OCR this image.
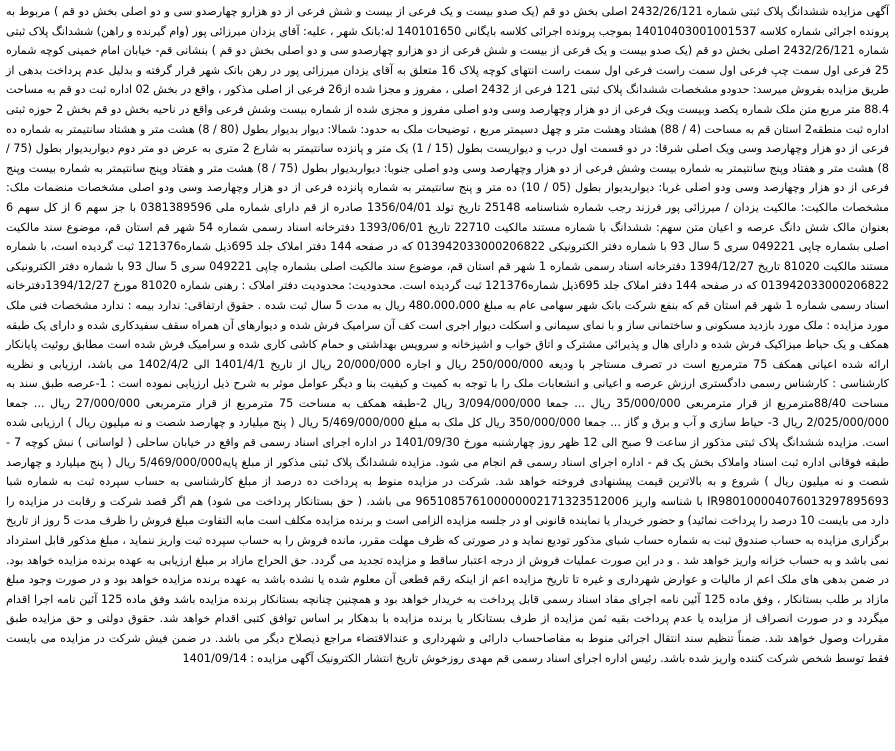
آگهی مزایده ششدانگ پلاک ثبتی شماره 2432/26/121 اصلی بخش دو قم (یک صدو بیست و یک فرعی از بیست و شش فرعی از دو هزارو چهارصدو سی و دو اصلی بخش دو قم ) مربوط به پرونده اجرائی شماره کلاسه 14010403001001537 بموجب پرونده اجرائی کلاسه بایگانی 140101650 له:بانک شهر ، علیه: آقای یزدان میرزائی پور (وام گیرنده و راهن) ششدانگ پلاک ثبتی شماره 2432/26/121 اصلی بخش دو قم (یک صدو بیست و یک فرعی از بیست و شش فرعی از دو هزارو چهارصدو سی و دو اصلی بخش دو قم ) بنشانی قم- خیابان امام خمینی کوچه شماره 25 فرعی اول سمت چپ فرعی اول سمت راست فرعی اول سمت راست انتهای کوچه پلاک 16 متعلق به آقای یزدان میرزائی پور در رهن بانک شهر قرار گرفته و بدلیل عدم پرداخت بدهی از طریق مزایده بفروش میرسد: حدودو مشخصات ششدانگ پلاک ثبتی 121 فرعی از 2432 اصلی ، مفروز و مجزا شده از26 فرعی از اصلی مذکور ، واقع در بخش 02 اداره ثبت دو قم به مساحت 88.4 متر مربع متن ملک شماره یکصد وبیست ویک فرعی از دو هزار وچهارصد وسی ودو اصلی مفروز و مجزی شده از شماره بیست وشش فرعی واقع در ناحیه بخش دو قم بخش 2 حوزه ثبتی اداره ثبت منطقه2 استان قم به مساحت (4 / 88) هشتاد وهشت متر و چهل دسیمتر مربع ، توضیحات ملک به حدود: شمالا: دیوار بدیوار بطول (80 / 8) هشت متر و هشتاد سانتیمتر به شماره ده فرعی از دو هزار وچهارصد وسی ویک اصلی شرقا: در دو قسمت اول درب و دیواریست بطول (15 / 1) یک متر و پانزده سانتیمتر به شارع 2 متری به عرض دو متر دوم دیواربدیوار بطول (75 / 8) هشت متر و هفتاد وپنج سانتیمتر به شماره بیست وشش فرعی از دو هزار وچهارصد وسی ودو اصلی جنوبا: دیواربدیوار بطول (75 / 8) هشت متر و هفتاد وپنج سانتیمتر به شماره بیست وپنج فرعی از دو هزار وچهارصد وسی ودو اصلی غربا: دیواربدیوار بطول (05 / 10) ده متر و پنج سانتیمتر به شماره پانزده فرعی از دو هزار وچهارصد وسی ودو اصلی مشخصات منضمات ملک: مشخصات مالکیت: مالکیت یزدان / میرزائی پور فرزند رجب شماره شناسنامه 25148 تاریخ تولد 1356/04/01 صادره از قم دارای شماره ملی 0381389596 با جز سهم 6 از کل سهم 6 بعنوان مالک شش دانگ عرصه و اعیان متن سهم: ششدانگ با شماره مستند مالکیت 22710 تاریخ 1393/06/01 دفترخانه اسناد رسمی شماره 54 شهر قم استان قم، موضوع سند مالکیت اصلی بشماره چاپی 049221 سری 5 سال 93 با شماره دفتر الکترونیکی 013942033000206822 که در صفحه 144 دفتر املاک جلد 695ذیل شماره121376 ثبت گردیده است، با شماره مستند مالکیت 81020 تاریخ 1394/12/27 دفترخانه اسناد رسمی شماره 1 شهر قم استان قم، موضوع سند مالکیت اصلی بشماره چاپی 049221 سری 5 سال 93 با شماره دفتر الکترونیکی 013942033000206822 که در صفحه 144 دفتر املاک جلد 695ذیل شماره121376 ثبت گردیده است. محدودیت: محدودیت دفتر املاک : رهنی شماره 81020 مورخ 1394/12/27دفترخانه اسناد رسمی شماره 1 شهر قم استان قم که بنفع شرکت بانک شهر سهامی عام به مبلغ 480،000،000 ریال به مدت 5 سال ثبت شده . حقوق ارتفاقی: ندارد بیمه : ندارد مشخصات فنی ملک مورد مزایده : ملک مورد بازدید مسکونی و ساختمانی ساز و با نمای سیمانی و اسکلت دیوار اجری است کف آن سرامیک فرش شده و دیوارهای آن همراه سقف سفیدکاری شده و دارای یک طبقه همکف و یک حیاط میزاکیک فرش شده و دارای هال و پذیرائی مشترک و اتاق خواب و اشپزخانه و سرویس بهداشتی و حمام کاشی کاری شده و سرامیک فرش شده است مطابق روئیت پایانکار ارائه شده اعیانی همکف 75 مترمربع است در تصرف مستاجر با ودیعه 250/000/000 ریال و اجاره 20/000/000 ریال از تاریخ 1401/4/1 الی 1402/4/2 می باشد، ارزیابی و نظریه کارشناسی : کارشناس رسمی دادگستری ارزش عرصه و اعیانی و انشعابات ملک را با توجه به کمیت و کیفیت بنا و دیگر عوامل موثر به شرح ذیل ارزیابی نموده است : 1-عرصه طبق سند به مساحت 88/40مترمربع از قرار مترمربعی 35/000/000 ریال ... جمعا 3/094/000/000 ریال 2-طبقه همکف به مساحت 75 مترمربع از قرار مترمربعی 27/000/000 ریال ... جمعا 2/025/000/000 ریال 3- حیاط سازی و آب و برق و گاز ... جمعا 350/000/000 ریال کل ملک به مبلغ 5/469/000/000 ریال ( پنج میلیارد و چهارصد شصت و نه میلیون ریال ) ارزیابی شده است. مزایده ششدانگ پلاک ثبتی مذکور از ساعت 9 صبح الی 12 ظهر روز چهارشنبه مورخ 1401/09/30 در اداره اجرای اسناد رسمی قم واقع در خیابان ساحلی ( لواسانی ) نبش کوچه 7 - طبقه فوقانی اداره ثبت اسناد واملاک بخش یک قم - اداره اجرای اسناد رسمی قم انجام می شود. مزایده ششدانگ پلاک ثبتی مذکور از مبلغ پایه5/469/000/000 ریال ( پنج میلیارد و چهارصد شصت و نه میلیون ریال ) شروع و به بالاترین قیمت پیشنهادی فروخته خواهد شد. شرکت در مزایده منوط به پرداخت ده درصد از مبلغ کارشناسی به حساب سپرده ثبت به شماره شبا IR980100004076013297895693 با شناسه واریز 965108576100000002171323512006 می باشد. ( حق بستانکار پرداخت می شود) هم اگر قصد شرکت و رقابت در مزایده را دارد می بایست 10 درصد را پرداخت نمائید) و حضور خریدار یا نماینده قانونی او در جلسه مزایده الزامی است و برنده مزایده مکلف است مابه التفاوت مبلغ فروش را ظرف مدت 5 روز از تاریخ برگزاری مزایده به حساب صندوق ثبت به شماره حساب شبای مذکور تودیع نماید و در صورتی که ظرف مهلت مقرر، مانده فروش را به حساب سپرده ثبت واریز ننماید ، مبلغ مذکور قابل استرداد نمی باشد و به حساب خزانه واریز خواهد شد . و در این صورت عملیات فروش از درجه اعتبار ساقط و مزایده تجدید می گردد. حق الحراج مازاد بر مبلغ ارزیابی به عهده برنده مزایده خواهد بود. در ضمن بدهی های ملک اعم از مالیات و عوارض شهرداری و غیره تا تاریخ مزایده اعم از اینکه رقم قطعی آن معلوم شده یا نشده باشد به عهده برنده مزایده خواهد بود و در صورت وجود مبلغ مازاد بر طلب بستانکار ، وفق ماده 125 آئین نامه اجرای مفاد اسناد رسمی قابل پرداخت به خریدار خواهد بود و همچنین چنانچه بستانکار برنده مزایده باشد وفق ماده 125 آئین نامه اجرا اقدام میگردد و در صورت انصراف از مزایده یا عدم پرداخت بقیه ثمن مزایده از طرف بستانکار یا برنده مزایده با بدهکار بر اساس توافق کتبی اقدام خواهد شد. حقوق دولتی و حق مزایده طبق مقررات وصول خواهد شد. ضمناً تنظیم سند انتقال اجرائی منوط به مفاصاحساب دارائی و شهرداری و عندالاقتضاء مراجع ذیصلاح دیگر می باشد. در ضمن فیش شرکت در مزایده می بایست فقط توسط شخص شرکت کننده واریز شده باشد. رئیس اداره اجرای اسناد رسمی قم مهدی روزخوش تاریخ انتشار الکترونیک آگهی مزایده : 1401/09/14
